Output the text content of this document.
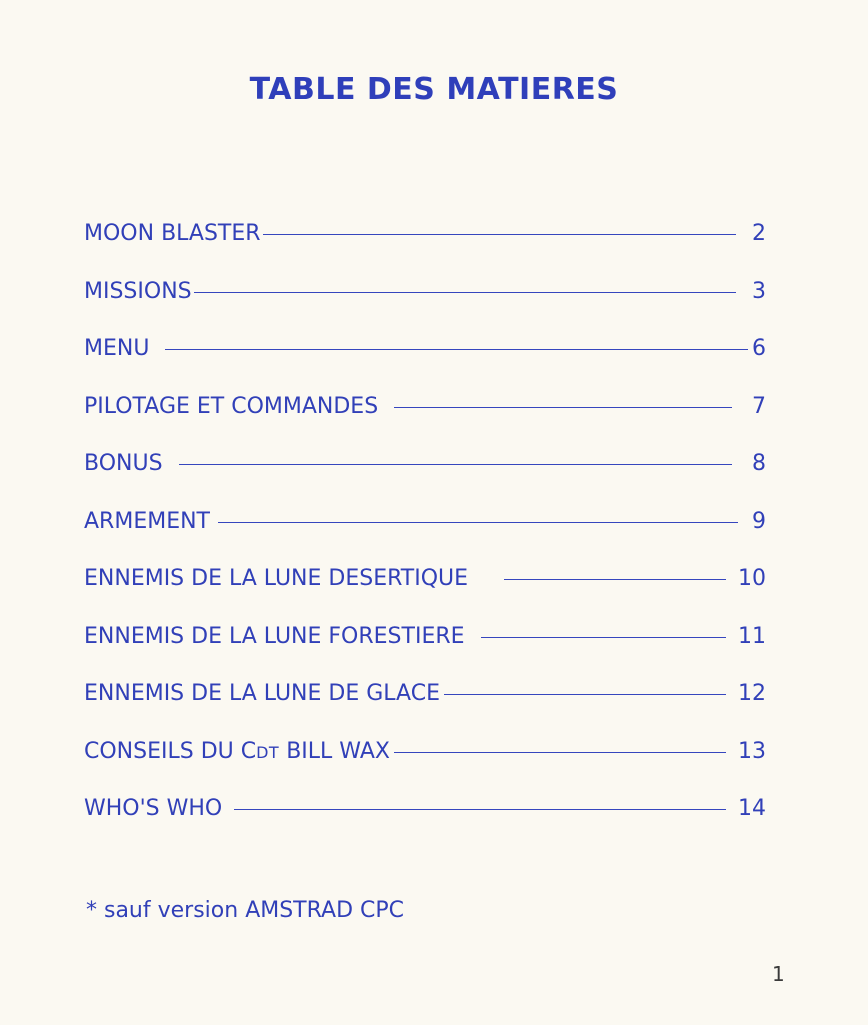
TABLE DES MATIERES
MOON BLASTER	2
MISSIONS	3
MENU	6
PILOTAGE ET COMMANDES	7
BONUS	8
ARMEMENT	9
ENNEMIS DE LA LUNE DESERTIQUE	10
ENNEMIS DE LA LUNE FORESTIERE	11
ENNEMIS DE LA LUNE DE GLACE	12
CONSEILS DU CDT BILL WAX	13
WHO'S WHO	14
* sauf version AMSTRAD CPC
1
